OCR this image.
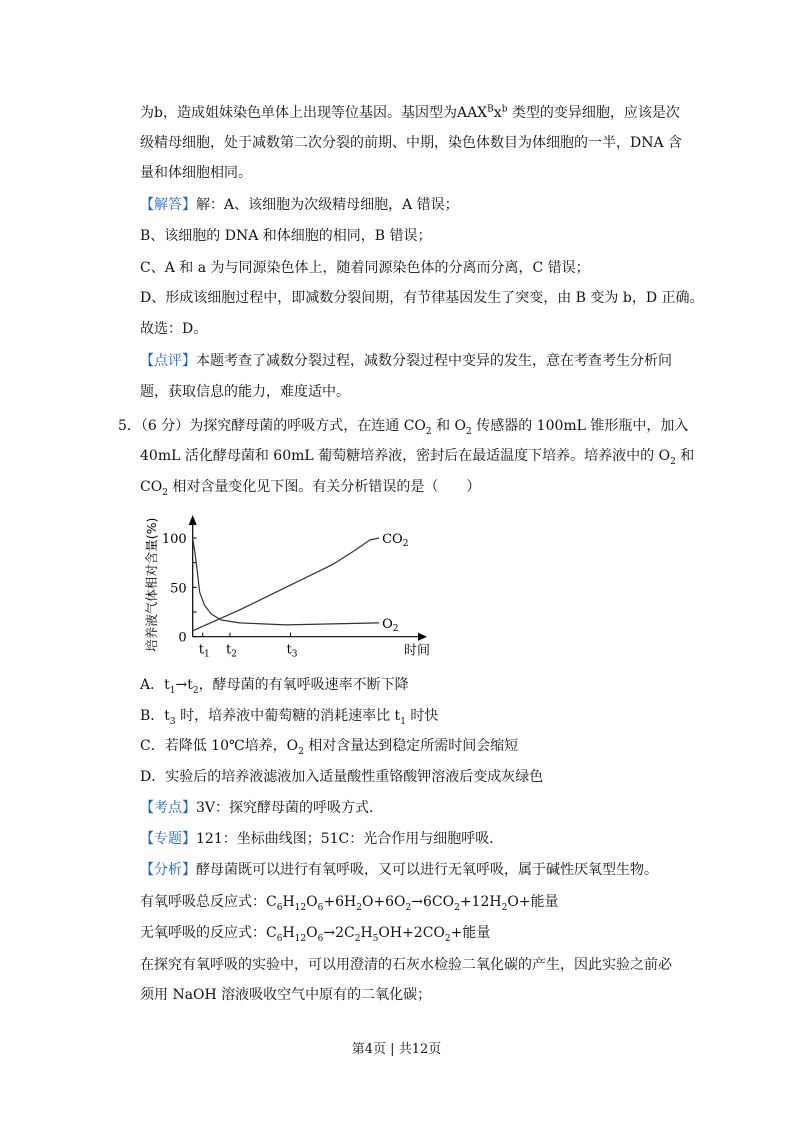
为b，造成姐妹染色单体上出现等位基因。基因型为$AAX^Bx^b$ 类型的变异细胞，应该是次
级精母细胞，处于减数第二次分裂的前期、中期，染色体数目为体细胞的一半，DNA 含
量和体细胞相同。
【解答】解：A、该细胞为次级精母细胞，A 错误；
B、该细胞的 DNA 和体细胞的相同，B 错误；
C、A 和 a 为与同源染色体上，随着同源染色体的分离而分离，C 错误；
D、形成该细胞过程中，即减数分裂间期，有节律基因发生了突变，由 B 变为 b，D 正确。
故选：D。
【点评】本题考查了减数分裂过程，减数分裂过程中变异的发生，意在考查考生分析问
题，获取信息的能力，难度适中。
5．（6 分）为探究酵母菌的呼吸方式，在连通 $CO_2$ 和 $O_2$ 传感器的 100mL 锥形瓶中，加入
40mL 活化酵母菌和 60mL 葡萄糖培养液，密封后在最适温度下培养。培养液中的 $O_2$ 和
$CO_2$ 相对含量变化见下图。有关分析错误的是（　　）
A．$t_1\to t_2$，酵母菌的有氧呼吸速率不断下降
B．$t_3$ 时，培养液中葡萄糖的消耗速率比 $t_1$ 时快
C．若降低 10℃培养，$O_2$ 相对含量达到稳定所需时间会缩短
D．实验后的培养液滤液加入适量酸性重铬酸钾溶液后变成灰绿色
【考点】3V：探究酵母菌的呼吸方式．
【专题】121：坐标曲线图；51C：光合作用与细胞呼吸．
【分析】酵母菌既可以进行有氧呼吸，又可以进行无氧呼吸，属于碱性厌氧型生物。
有氧呼吸总反应式：$C_6H_{12}O_6+6H_2O+6O_2\to 6CO_2+12H_2O+$能量
无氧呼吸的反应式：$C_6H_{12}O_6\to 2C_2H_5OH+2CO_2+$能量
在探究有氧呼吸的实验中，可以用澄清的石灰水检验二氧化碳的产生，因此实验之前必
须用 NaOH 溶液吸收空气中原有的二氧化碳；
0
50
100
$t_1$ $t_2$	$t_3$	时间
培养液气体相对含量(%)	$CO_2$
$O_2$
第4页 | 共12页
